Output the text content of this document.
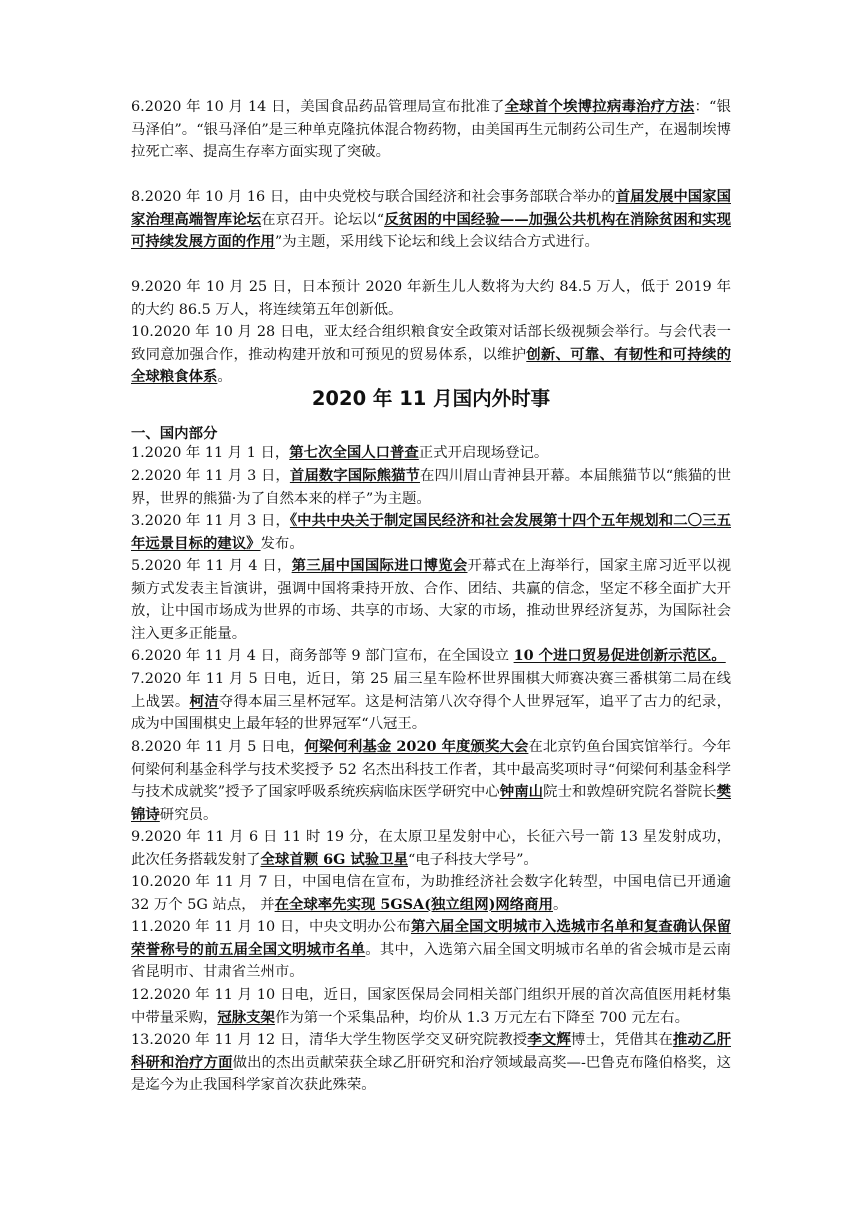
6.2020 年 10 月 14 日，美国食品药品管理局宣布批准了全球首个埃博拉病毒治疗方法：“银马泽伯”。“银马泽伯”是三种单克隆抗体混合物药物，由美国再生元制药公司生产，在遏制埃博拉死亡率、提高生存率方面实现了突破。

8.2020 年 10 月 16 日，由中央党校与联合国经济和社会事务部联合举办的首届发展中国家国家治理高端智库论坛在京召开。论坛以“反贫困的中国经验——加强公共机构在消除贫困和实现可持续发展方面的作用”为主题，采用线下论坛和线上会议结合方式进行。

9.2020 年 10 月 25 日，日本预计 2020 年新生儿人数将为大约 84.5 万人，低于 2019 年的大约 86.5 万人，将连续第五年创新低。

10.2020 年 10 月 28 日电，亚太经合组织粮食安全政策对话部长级视频会举行。与会代表一致同意加强合作，推动构建开放和可预见的贸易体系，以维护创新、可靠、有韧性和可持续的全球粮食体系。

2020 年 11 月国内外时事
一、国内部分

1.2020 年 11 月 1 日，第七次全国人口普查正式开启现场登记。

2.2020 年 11 月 3 日，首届数字国际熊猫节在四川眉山青神县开幕。本届熊猫节以“熊猫的世界，世界的熊猫·为了自然本来的样子”为主题。

3.2020 年 11 月 3 日，《中共中央关于制定国民经济和社会发展第十四个五年规划和二〇三五年远景目标的建议》发布。

5.2020 年 11 月 4 日，第三届中国国际进口博览会开幕式在上海举行，国家主席习近平以视频方式发表主旨演讲，强调中国将秉持开放、合作、团结、共赢的信念，坚定不移全面扩大开放，让中国市场成为世界的市场、共享的市场、大家的市场，推动世界经济复苏，为国际社会注入更多正能量。

6.2020 年 11 月 4 日，商务部等 9 部门宣布，在全国设立 10 个进口贸易促进创新示范区。

7.2020 年 11 月 5 日电，近日，第 25 届三星车险杯世界围棋大师赛决赛三番棋第二局在线上战罢。柯洁夺得本届三星杯冠军。这是柯洁第八次夺得个人世界冠军，追平了古力的纪录，成为中国围棋史上最年轻的世界冠军“八冠王。

8.2020 年 11 月 5 日电，何梁何利基金 2020 年度颁奖大会在北京钓鱼台国宾馆举行。今年何梁何利基金科学与技术奖授予 52 名杰出科技工作者，其中最高奖项时寻“何梁何利基金科学与技术成就奖”授予了国家呼吸系统疾病临床医学研究中心钟南山院士和敦煌研究院名誉院长樊锦诗研究员。

9.2020 年 11 月 6 日 11 时 19 分，在太原卫星发射中心，长征六号一箭 13 星发射成功，此次任务搭载发射了全球首颗 6G 试验卫星“电子科技大学号”。

10.2020 年 11 月 7 日，中国电信在宣布，为助推经济社会数字化转型，中国电信已开通逾 32 万个 5G 站点， 并在全球率先实现 5GSA(独立组网)网络商用。

11.2020 年 11 月 10 日，中央文明办公布第六届全国文明城市入选城市名单和复查确认保留荣誉称号的前五届全国文明城市名单。其中，入选第六届全国文明城市名单的省会城市是云南省昆明市、甘肃省兰州市。

12.2020 年 11 月 10 日电，近日，国家医保局会同相关部门组织开展的首次高值医用耗材集中带量采购，冠脉支架作为第一个采集品种，均价从 1.3 万元左右下降至 700 元左右。

13.2020 年 11 月 12 日，清华大学生物医学交叉研究院教授李文辉博士，凭借其在推动乙肝科研和治疗方面做出的杰出贡献荣获全球乙肝研究和治疗领域最高奖—-巴鲁克布隆伯格奖，这是迄今为止我国科学家首次获此殊荣。
